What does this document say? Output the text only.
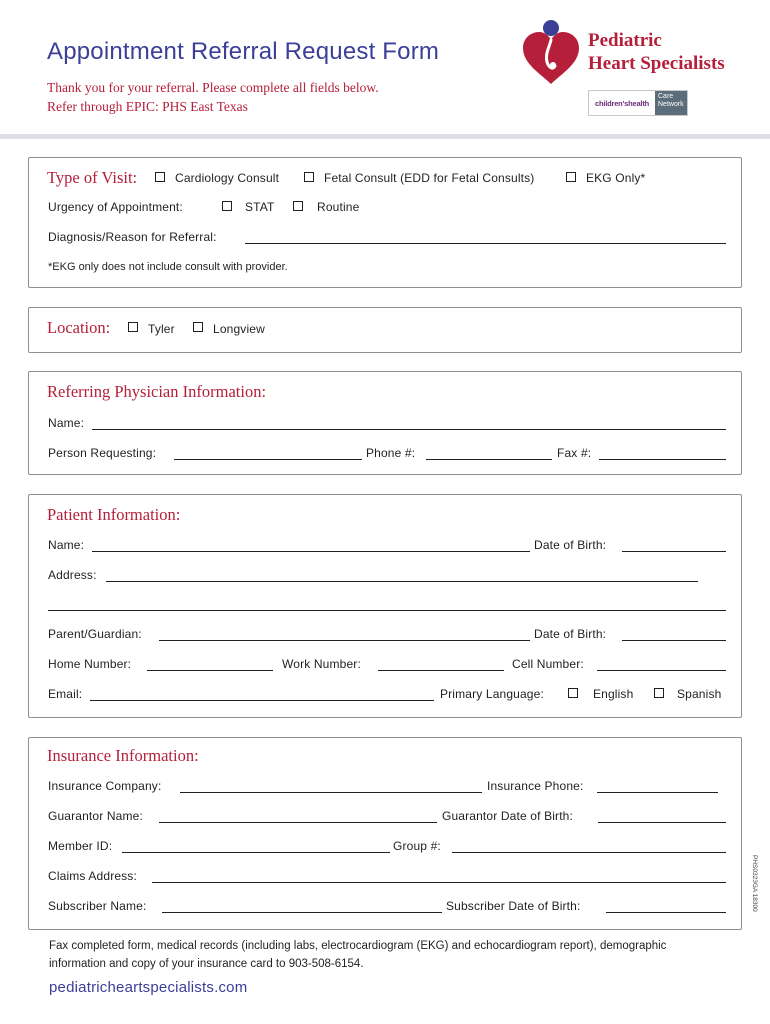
Appointment Referral Request Form
Thank you for your referral. Please complete all fields below.
Refer through EPIC: PHS East Texas
Pediatric
Heart Specialists
children'shealth
Care
Network
Type of Visit:	Cardiology Consult	Fetal Consult (EDD for Fetal Consults)	EKG Only*
Urgency of Appointment:	STAT	Routine
Diagnosis/Reason for Referral:
*EKG only does not include consult with provider.
Location:	Tyler	Longview
Referring Physician Information:
Name:
Person Requesting:	Phone #:	Fax #:
Patient Information:
Name:	Date of Birth:
Address:
Parent/Guardian:	Date of Birth:
Home Number:	Work Number:	Cell Number:
Email:	Primary Language:	English	Spanish
Insurance Information:
Insurance Company:	Insurance Phone:
Guarantor Name:	Guarantor Date of Birth:
Member ID:	Group #:
Claims Address:
Subscriber Name:	Subscriber Date of Birth:	PHS0323GA 18300
Fax completed form, medical records (including labs, electrocardiogram (EKG) and echocardiogram report), demographic
information and copy of your insurance card to 903-508-6154.
pediatricheartspecialists.com
